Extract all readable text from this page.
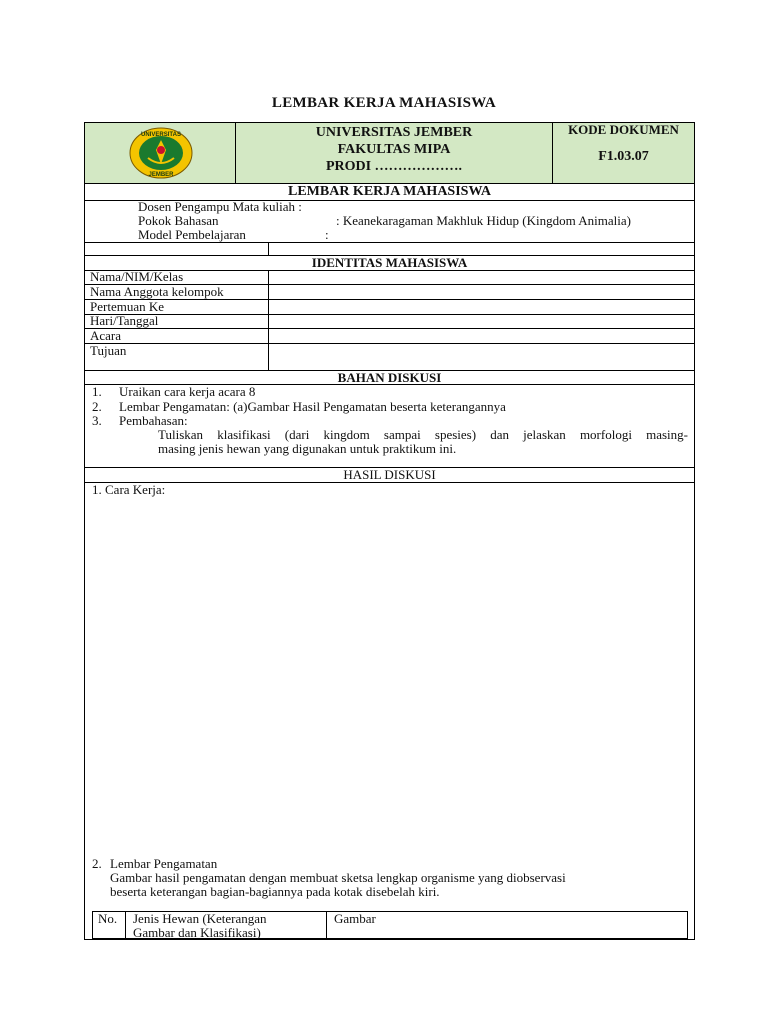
LEMBAR KERJA MAHASISWA
UNIVERSITAS
JEMBER
UNIVERSITAS JEMBER
FAKULTAS MIPA
PRODI ……………….
KODE DOKUMEN
F1.03.07
LEMBAR KERJA MAHASISWA
Dosen Pengampu Mata kuliah :
Pokok Bahasan	: Keanekaragaman Makhluk Hidup (Kingdom Animalia)
Model Pembelajaran	:
IDENTITAS MAHASISWA
Nama/NIM/Kelas
Nama Anggota kelompok
Pertemuan Ke
Hari/Tanggal
Acara
Tujuan
BAHAN DISKUSI
1. Uraikan cara kerja acara 8
2. Lembar Pengamatan: (a)Gambar Hasil Pengamatan beserta keterangannya
3. Pembahasan:
Tuliskan klasifikasi (dari kingdom sampai spesies) dan jelaskan morfologi masing-
masing jenis hewan yang digunakan untuk praktikum ini.
HASIL DISKUSI
1. Cara Kerja:
2. Lembar Pengamatan
Gambar hasil pengamatan dengan membuat sketsa lengkap organisme yang diobservasi
beserta keterangan bagian-bagiannya pada kotak disebelah kiri.
No. Jenis Hewan (Keterangan
Gambar dan Klasifikasi)
Gambar
